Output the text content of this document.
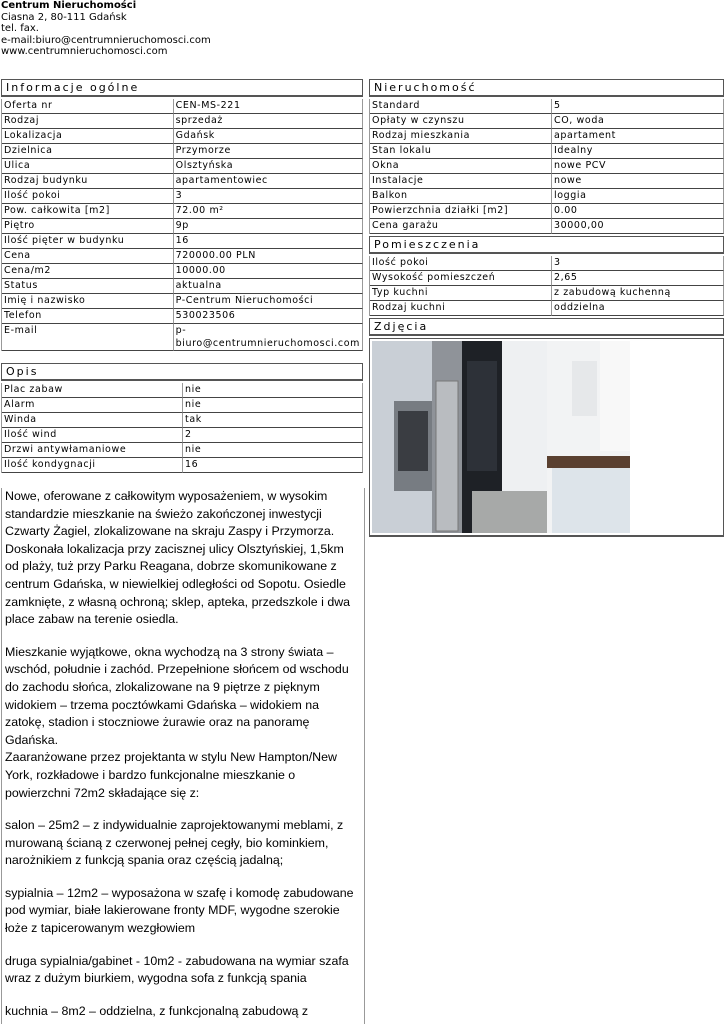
Centrum Nieruchomości
Ciasna 2, 80-111 Gdańsk
tel. fax.
e-mail:biuro@centrumnieruchomosci.com
www.centrumnieruchomosci.com
Informacje ogólne
Oferta nr	CEN-MS-221
Rodzaj	sprzedaż
Lokalizacja	Gdańsk
Dzielnica	Przymorze
Ulica	Olsztyńska
Rodzaj budynku	apartamentowiec
Ilość pokoi	3
Pow. całkowita [m2]	72.00 m²
Piętro	9p
Ilość pięter w budynku	16
Cena	720000.00 PLN
Cena/m2	10000.00
Status	aktualna
Imię i nazwisko	P-Centrum Nieruchomości
Telefon	530023506
E-mail	p-
biuro@centrumnieruchomosci.com
Opis
Plac zabaw	nie
Alarm	nie
Winda	tak
Ilość wind	2
Drzwi antywłamaniowe	nie
Ilość kondygnacji	16

Nowe, oferowane z całkowitym wyposażeniem, w wysokim standardzie mieszkanie na świeżo zakończonej inwestycji Czwarty Żagiel, zlokalizowane na skraju Zaspy i Przymorza. Doskonała lokalizacja przy zacisznej ulicy Olsztyńskiej, 1,5km od plaży, tuż przy Parku Reagana, dobrze skomunikowane z centrum Gdańska, w niewielkiej odległości od Sopotu. Osiedle zamknięte, z własną ochroną; sklep, apteka, przedszkole i dwa place zabaw na terenie osiedla.

Mieszkanie wyjątkowe, okna wychodzą na 3 strony świata – wschód, południe i zachód. Przepełnione słońcem od wschodu do zachodu słońca, zlokalizowane na 9 piętrze z pięknym widokiem – trzema pocztówkami Gdańska – widokiem na zatokę, stadion i stoczniowe żurawie oraz na panoramę Gdańska.
Zaaranżowane przez projektanta w stylu New Hampton/New York, rozkładowe i bardzo funkcjonalne mieszkanie o powierzchni 72m2 składające się z:

salon – 25m2 – z indywidualnie zaprojektowanymi meblami, z murowaną ścianą z czerwonej pełnej cegły, bio kominkiem, narożnikiem z funkcją spania oraz częścią jadalną;

sypialnia – 12m2 – wyposażona w szafę i komodę zabudowane pod wymiar, białe lakierowane fronty MDF, wygodne szerokie łoże z tapicerowanym wezgłowiem

druga sypialnia/gabinet - 10m2 - zabudowana na wymiar szafa wraz z dużym biurkiem, wygodna sofa z funkcją spania

kuchnia – 8m2 – oddzielna, z funkcjonalną zabudową z

Nieruchomość
Standard	5
Opłaty w czynszu	CO, woda
Rodzaj mieszkania	apartament
Stan lokalu	Idealny
Okna	nowe PCV
Instalacje	nowe
Balkon	loggia
Powierzchnia działki [m2]	0.00
Cena garażu	30000,00
Pomieszczenia
Ilość pokoi	3
Wysokość pomieszczeń	2,65
Typ kuchni	z zabudową kuchenną
Rodzaj kuchni	oddzielna
Zdjęcia
